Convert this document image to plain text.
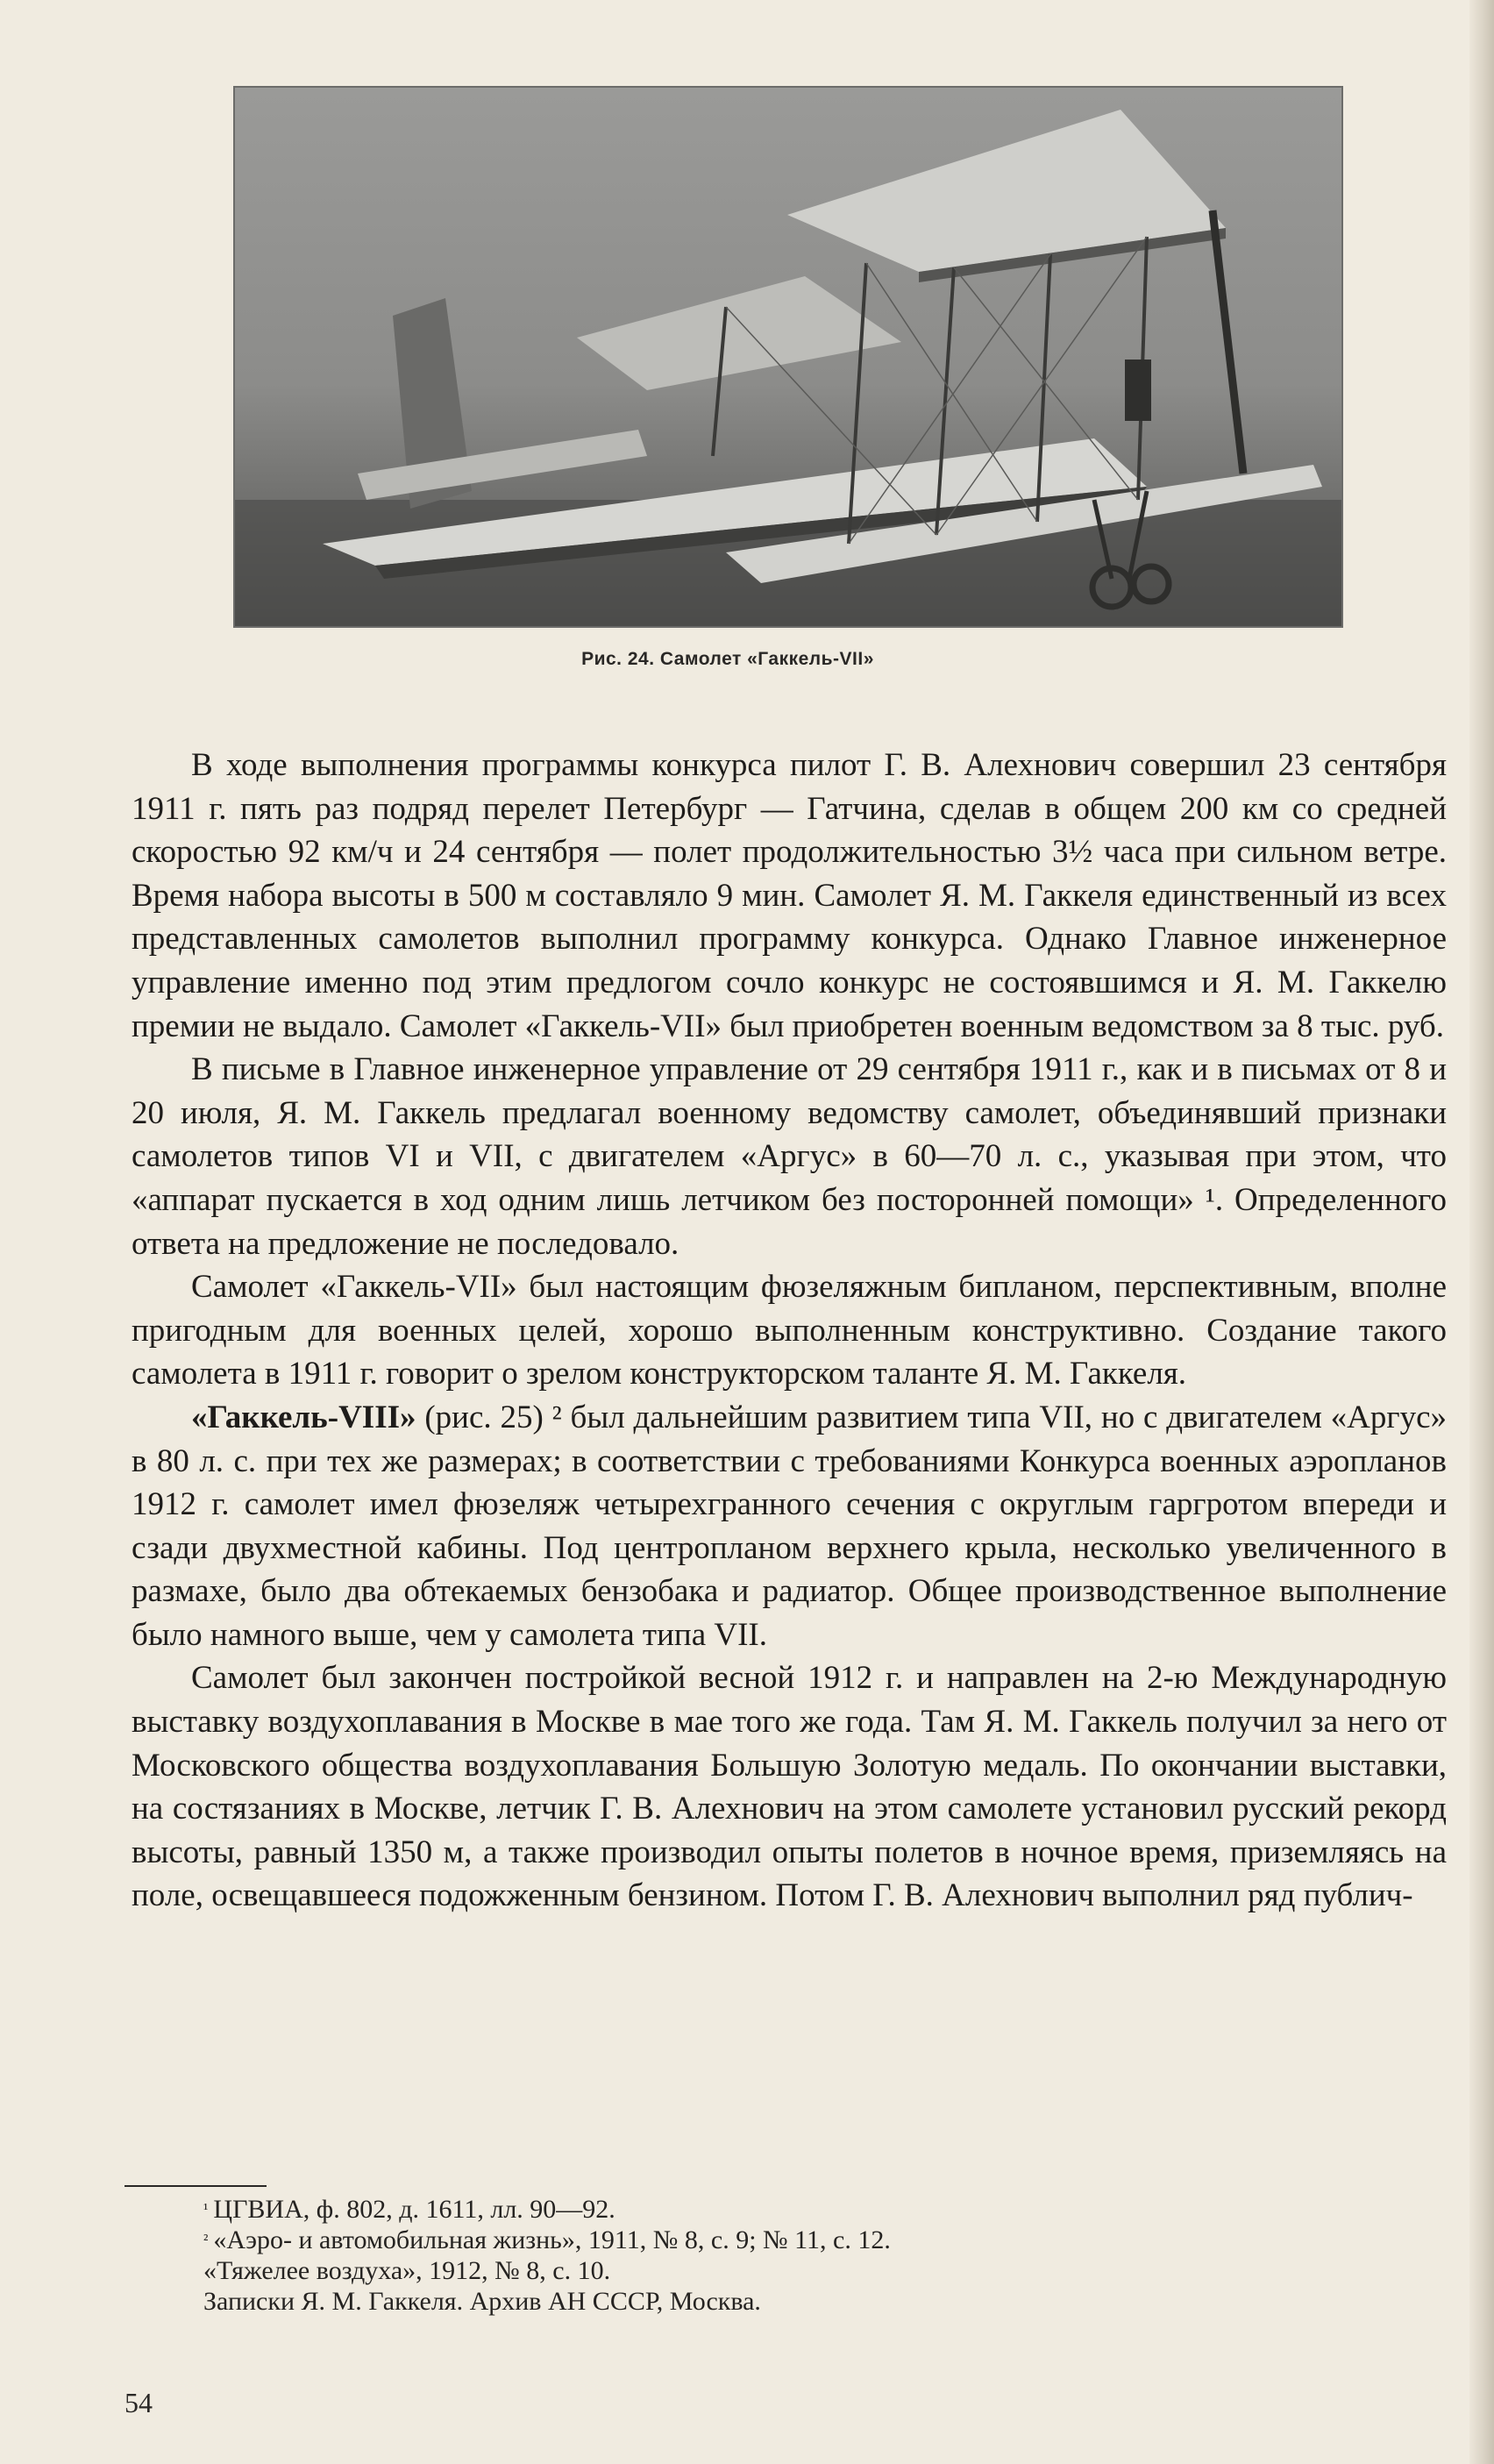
Рис. 24. Самолет «Гаккель-VII»

В ходе выполнения программы конкурса пилот Г. В. Алехнович совершил 23 сентября 1911 г. пять раз подряд перелет Петербург — Гатчина, сделав в общем 200 км со средней скоростью 92 км/ч и 24 сентября — полет продолжительностью 3½ часа при сильном ветре. Время набора высоты в 500 м составляло 9 мин. Самолет Я. М. Гаккеля единственный из всех представленных самолетов выполнил программу конкурса. Однако Главное инженерное управление именно под этим предлогом сочло конкурс не состоявшимся и Я. М. Гаккелю премии не выдало. Самолет «Гаккель-VII» был приобретен военным ведомством за 8 тыс. руб.

В письме в Главное инженерное управление от 29 сентября 1911 г., как и в письмах от 8 и 20 июля, Я. М. Гаккель предлагал военному ведомству самолет, объединявший признаки самолетов типов VI и VII, с двигателем «Аргус» в 60—70 л. с., указывая при этом, что «аппарат пускается в ход одним лишь летчиком без посторонней помощи» ¹. Определенного ответа на предложение не последовало.

Самолет «Гаккель-VII» был настоящим фюзеляжным бипланом, перспективным, вполне пригодным для военных целей, хорошо выполненным конструктивно. Создание такого самолета в 1911 г. говорит о зрелом конструкторском таланте Я. М. Гаккеля.

«Гаккель-VIII» (рис. 25) ² был дальнейшим развитием типа VII, но с двигателем «Аргус» в 80 л. с. при тех же размерах; в соответствии с требованиями Конкурса военных аэропланов 1912 г. самолет имел фюзеляж четырехгранного сечения с округлым гаргротом впереди и сзади двухместной кабины. Под центропланом верхнего крыла, несколько увеличенного в размахе, было два обтекаемых бензобака и радиатор. Общее производственное выполнение было намного выше, чем у самолета типа VII.

Самолет был закончен постройкой весной 1912 г. и направлен на 2-ю Международную выставку воздухоплавания в Москве в мае того же года. Там Я. М. Гаккель получил за него от Московского общества воздухоплавания Большую Золотую медаль. По окончании выставки, на состязаниях в Москве, летчик Г. В. Алехнович на этом самолете установил русский рекорд высоты, равный 1350 м, а также производил опыты полетов в ночное время, приземляясь на поле, освещавшееся подожженным бензином. Потом Г. В. Алехнович выполнил ряд публич-

¹ ЦГВИА, ф. 802, д. 1611, лл. 90—92.
² «Аэро- и автомобильная жизнь», 1911, № 8, с. 9; № 11, с. 12.
«Тяжелее воздуха», 1912, № 8, с. 10.
Записки Я. М. Гаккеля. Архив АН СССР, Москва.
54
